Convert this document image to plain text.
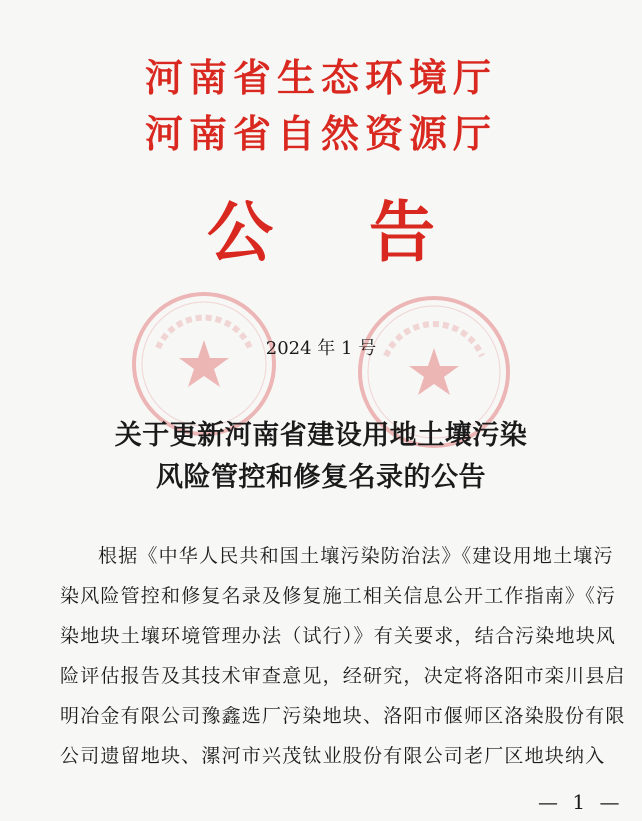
河南省生态环境厅
河南省自然资源厅
公告
2024 年 1 号
关于更新河南省建设用地土壤污染
风险管控和修复名录的公告
根据《中华人民共和国土壤污染防治法》《建设用地土壤污
染风险管控和修复名录及修复施工相关信息公开工作指南》《污
染地块土壤环境管理办法（试行）》有关要求，结合污染地块风
险评估报告及其技术审查意见，经研究，决定将洛阳市栾川县启
明冶金有限公司豫鑫选厂污染地块、洛阳市偃师区洛染股份有限
公司遗留地块、漯河市兴茂钛业股份有限公司老厂区地块纳入
— 1 —
